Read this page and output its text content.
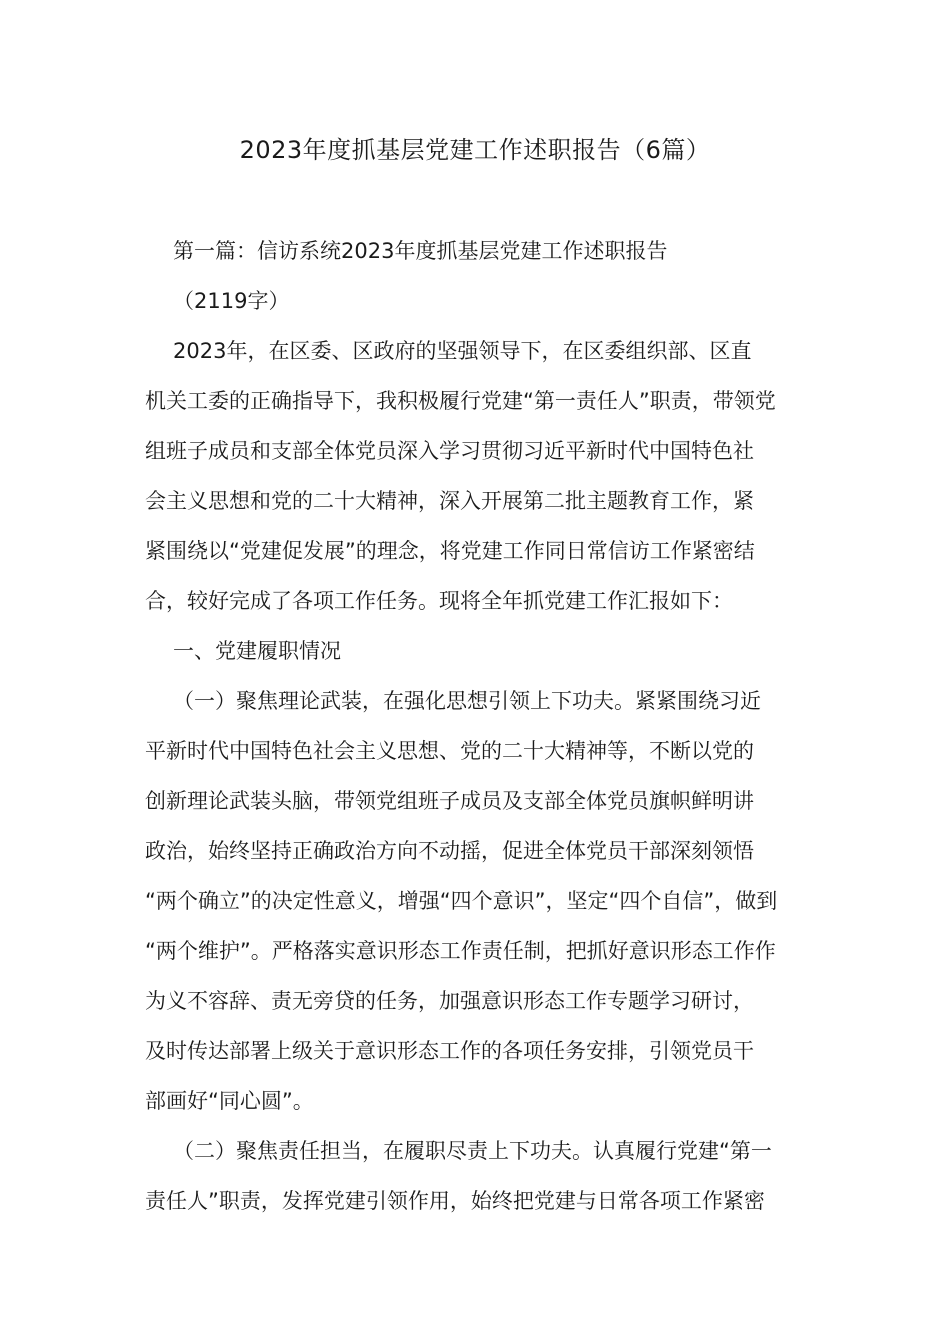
2023年度抓基层党建工作述职报告（6篇）

第一篇：信访系统2023年度抓基层党建工作述职报告

（2119字）

2023年，在区委、区政府的坚强领导下，在区委组织部、区直

机关工委的正确指导下，我积极履行党建“第一责任人”职责，带领党

组班子成员和支部全体党员深入学习贯彻习近平新时代中国特色社

会主义思想和党的二十大精神，深入开展第二批主题教育工作，紧

紧围绕以“党建促发展”的理念，将党建工作同日常信访工作紧密结

合，较好完成了各项工作任务。现将全年抓党建工作汇报如下：

一、党建履职情况

（一）聚焦理论武装，在强化思想引领上下功夫。紧紧围绕习近

平新时代中国特色社会主义思想、党的二十大精神等，不断以党的

创新理论武装头脑，带领党组班子成员及支部全体党员旗帜鲜明讲

政治，始终坚持正确政治方向不动摇，促进全体党员干部深刻领悟

“两个确立”的决定性意义，增强“四个意识”，坚定“四个自信”，做到

“两个维护”。严格落实意识形态工作责任制，把抓好意识形态工作作

为义不容辞、责无旁贷的任务，加强意识形态工作专题学习研讨，

及时传达部署上级关于意识形态工作的各项任务安排，引领党员干

部画好“同心圆”。

（二）聚焦责任担当，在履职尽责上下功夫。认真履行党建“第一

责任人”职责，发挥党建引领作用，始终把党建与日常各项工作紧密
